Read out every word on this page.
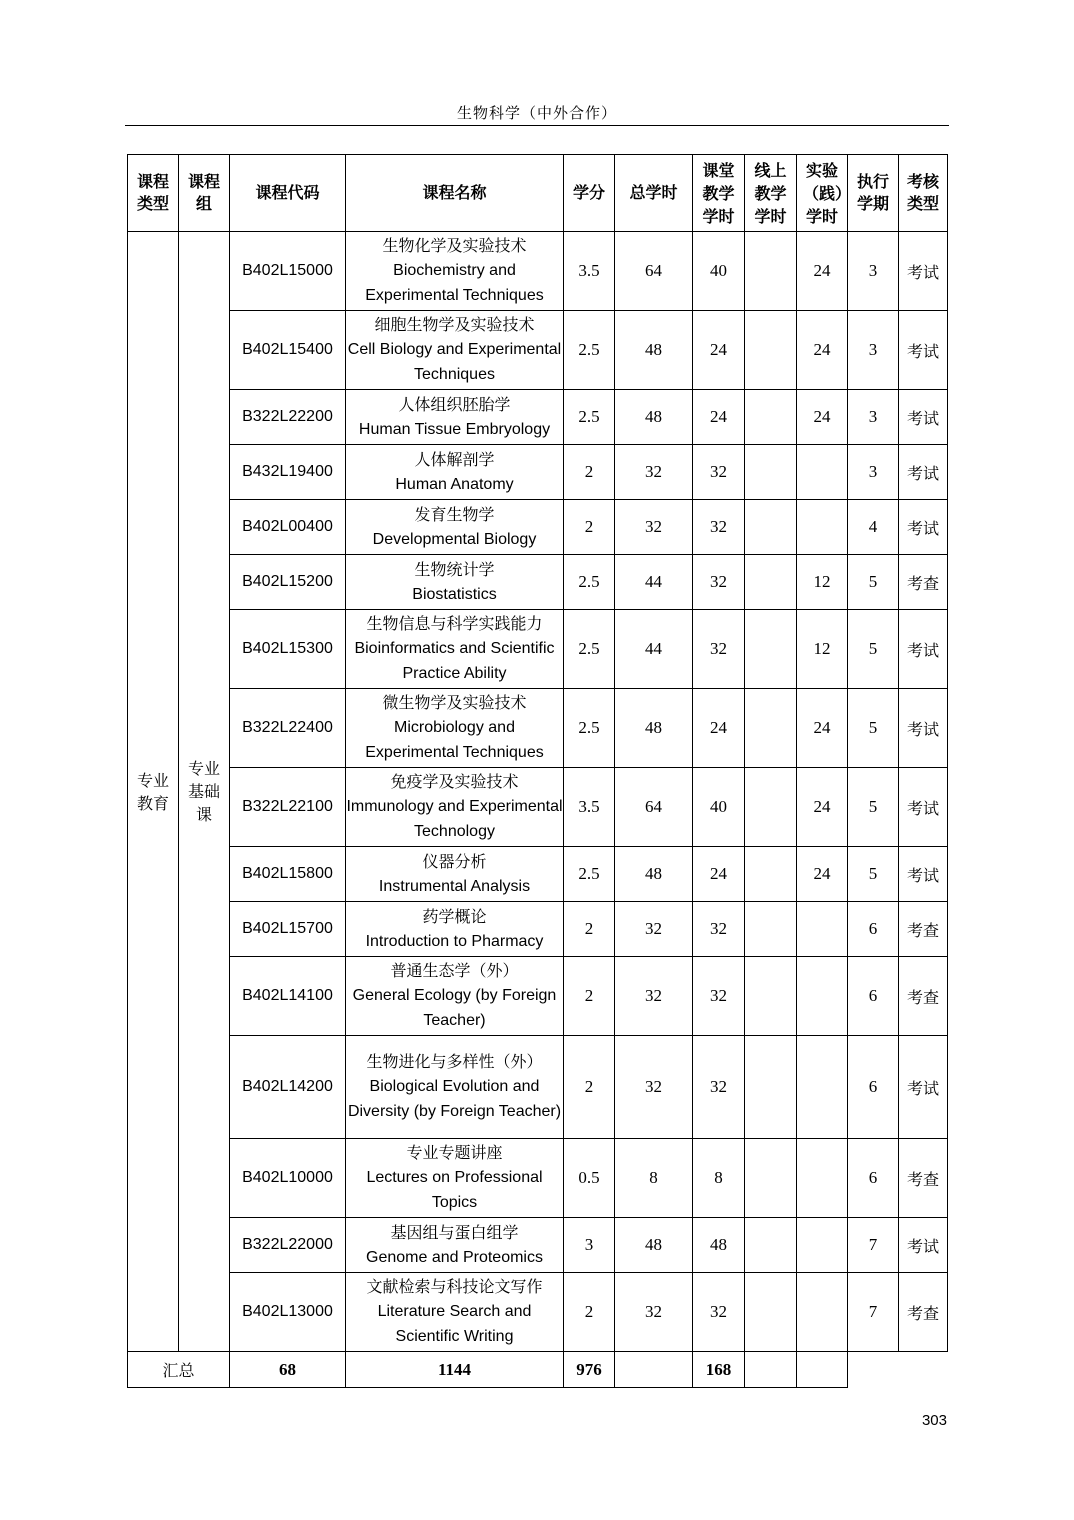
生物科学（中外合作）
课程类型	课程组	课程代码	课程名称	学分	总学时	课堂教学学时	线上教学学时	实验（践）学时	执行学期	考核类型

专业教育	专业基础课	B402L15000	生物化学及实验技术
Biochemistry and Experimental Techniques	3.5	64	40		24	3	考试
		B402L15400	细胞生物学及实验技术
Cell Biology and Experimental Techniques	2.5	48	24		24	3	考试
		B322L22200	人体组织胚胎学
Human Tissue Embryology	2.5	48	24		24	3	考试
		B432L19400	人体解剖学
Human Anatomy	2	32	32			3	考试
		B402L00400	发育生物学
Developmental Biology	2	32	32			4	考试
		B402L15200	生物统计学
Biostatistics	2.5	44	32		12	5	考查
		B402L15300	生物信息与科学实践能力
Bioinformatics and Scientific Practice Ability	2.5	44	32		12	5	考试
		B322L22400	微生物学及实验技术
Microbiology and Experimental Techniques	2.5	48	24		24	5	考试
		B322L22100	免疫学及实验技术
Immunology and Experimental Technology	3.5	64	40		24	5	考试
		B402L15800	仪器分析
Instrumental Analysis	2.5	48	24		24	5	考试
		B402L15700	药学概论
Introduction to Pharmacy	2	32	32			6	考查
		B402L14100	普通生态学（外）
General Ecology (by Foreign Teacher)	2	32	32			6	考查
		B402L14200	生物进化与多样性（外）
Biological Evolution and Diversity (by Foreign Teacher)	2	32	32			6	考试
		B402L10000	专业专题讲座
Lectures on Professional Topics	0.5	8	8			6	考查
		B322L22000	基因组与蛋白组学
Genome and Proteomics	3	48	48			7	考试
		B402L13000	文献检索与科技论文写作
Literature Search and Scientific Writing	2	32	32			7	考查
汇总		68	1144	976		168				
303
